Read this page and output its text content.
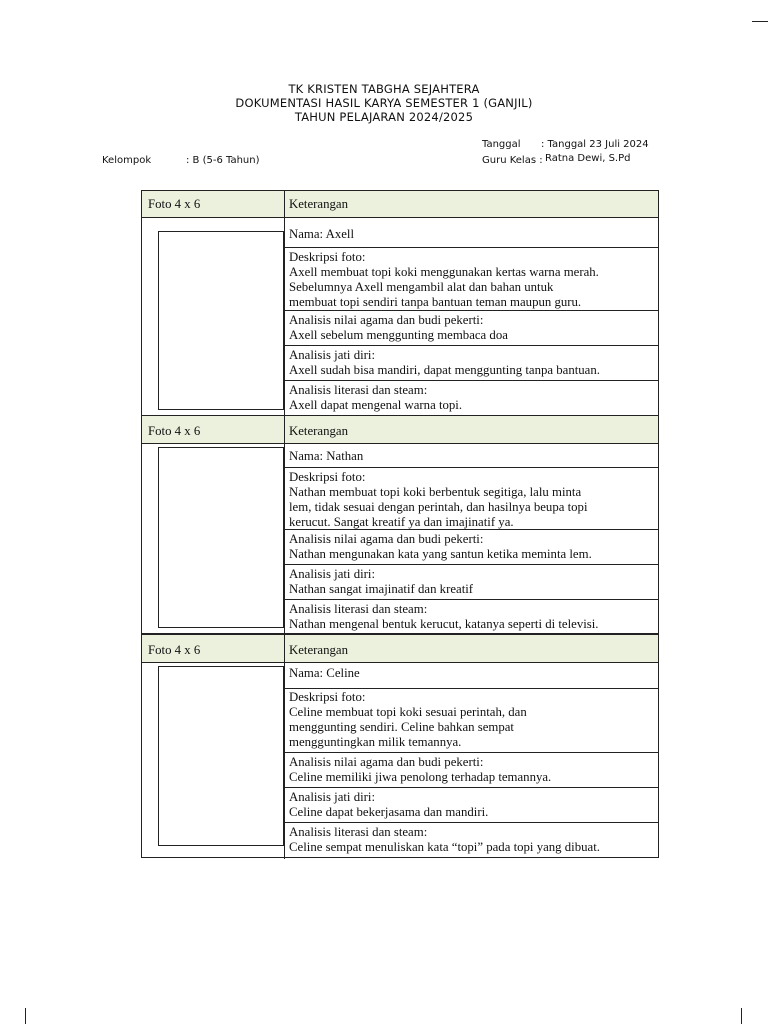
TK KRISTEN TABGHA SEJAHTERA
DOKUMENTASI HASIL KARYA SEMESTER 1 (GANJIL)
TAHUN PELAJARAN 2024/2025
Tanggal : Tanggal 23 Juli 2024
Kelompok	: B (5-6 Tahun)	Guru Kelas : Ratna Dewi, S.Pd
Foto 4 x 6	Keterangan
Nama: Axell
Deskripsi foto:
Axell membuat topi koki menggunakan kertas warna merah.
Sebelumnya Axell mengambil alat dan bahan untuk
membuat topi sendiri tanpa bantuan teman maupun guru.
Analisis nilai agama dan budi pekerti:
Axell sebelum menggunting membaca doa
Analisis jati diri:
Axell sudah bisa mandiri, dapat menggunting tanpa bantuan.
Analisis literasi dan steam:
Axell dapat mengenal warna topi.
Foto 4 x 6	Keterangan
Nama: Nathan
Deskripsi foto:
Nathan membuat topi koki berbentuk segitiga, lalu minta
lem, tidak sesuai dengan perintah, dan hasilnya beupa topi
kerucut. Sangat kreatif ya dan imajinatif ya.
Analisis nilai agama dan budi pekerti:
Nathan mengunakan kata yang santun ketika meminta lem.
Analisis jati diri:
Nathan sangat imajinatif dan kreatif
Analisis literasi dan steam:
Nathan mengenal bentuk kerucut, katanya seperti di televisi.
Foto 4 x 6	Keterangan
Nama: Celine
Deskripsi foto:
Celine membuat topi koki sesuai perintah, dan
menggunting sendiri. Celine bahkan sempat
mengguntingkan milik temannya.
Analisis nilai agama dan budi pekerti:
Celine memiliki jiwa penolong terhadap temannya.
Analisis jati diri:
Celine dapat bekerjasama dan mandiri.
Analisis literasi dan steam:
Celine sempat menuliskan kata “topi” pada topi yang dibuat.
